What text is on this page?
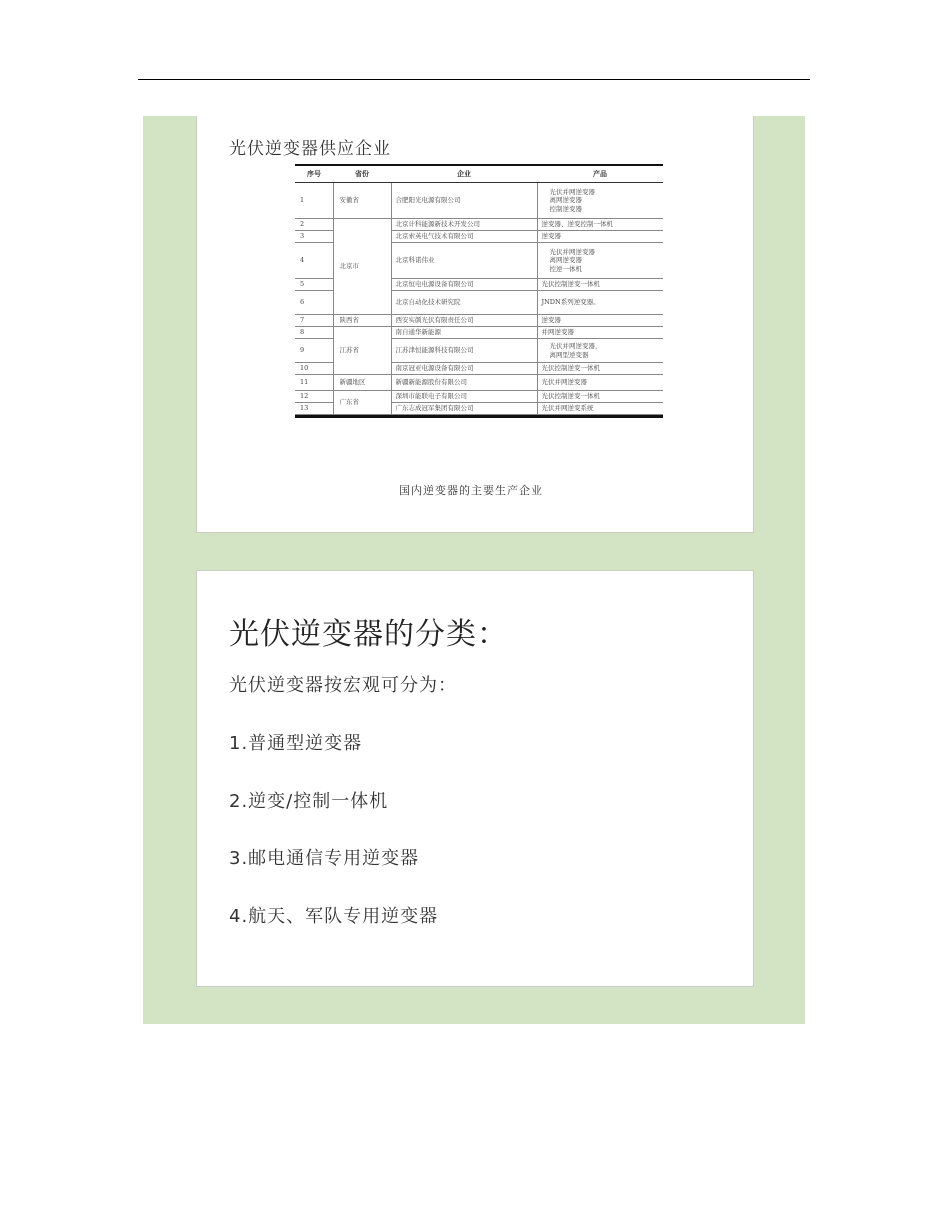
光伏逆变器供应企业
序号	省份	企业	产品
1	安徽省	合肥阳光电源有限公司	光伏并网逆变器
离网逆变器
控制逆变器

2	北京市	北京计科能源新技术开发公司	逆变器、逆变控制一体机

3		北京索英电气技术有限公司	逆变器

4		北京科诺伟业	光伏并网逆变器
离网逆变器
控逆一体机

5		北京恒电电源设备有限公司	光伏控制逆变一体机

6		北京自动化技术研究院	JNDN系列逆变器。

7	陕西省	西安实颜光伏有限责任公司	逆变器

8	江苏省	南自通华新能源	并网逆变器

9		江苏津恒能源科技有限公司	光伏并网逆变器，
离网型逆变器

10		南京冠亚电源设备有限公司	光伏控制逆变一体机

11	新疆地区	新疆新能源股份有限公司	光伏并网逆变器

12	广东省	深圳市能联电子有限公司	光伏控制逆变一体机

13		广东志成冠军集团有限公司	光伏并网逆变系统
国内逆变器的主要生产企业
光伏逆变器的分类：
光伏逆变器按宏观可分为：
1.普通型逆变器
2.逆变/控制一体机
3.邮电通信专用逆变器
4.航天、军队专用逆变器
